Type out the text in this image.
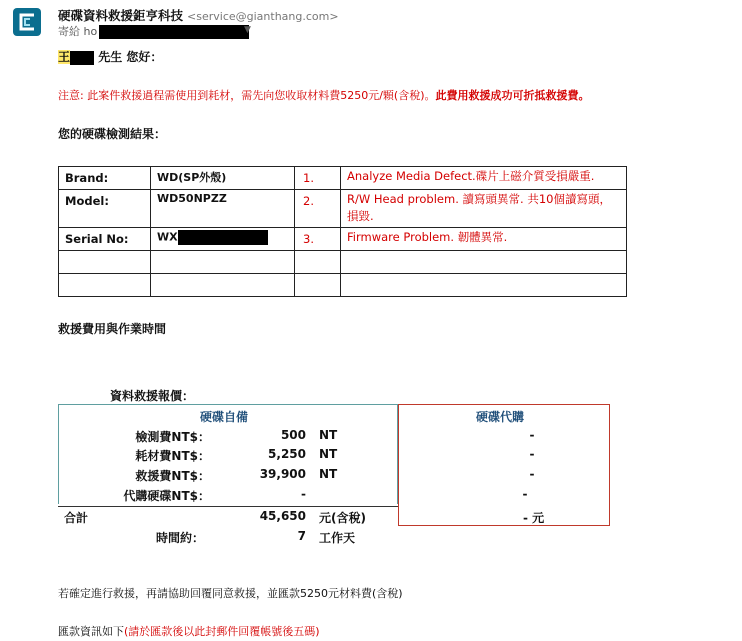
硬碟資料救援鉅亨科技 <service@gianthang.com>
寄給 ho	▼
王 先生 您好：
注意: 此案件救援過程需使用到耗材，需先向您收取材料費5250元/顆(含稅)。此費用救援成功可折抵救援費。
您的硬碟檢測結果：
Brand:	WD(SP外殼)	1.	Analyze Media Defect.碟片上磁介質受損嚴重.
Model:	WD50NPZZ	2.	R/W Head problem. 讀寫頭異常. 共10個讀寫頭，損毀.
Serial No:	WX	3.	Firmware Problem. 韌體異常.

救援費用與作業時間
資料救援報價：
硬碟自備	硬碟代購
檢測費NT$：	500 NT	-
耗材費NT$：	5,250 NT	-
救援費NT$：	39,900 NT	-
代購硬碟NT$：	-	-
合計	45,650 元(含稅)	- 元
時間約：	7 工作天
若確定進行救援，再請協助回覆同意救援，並匯款5250元材料費(含稅)
匯款資訊如下(請於匯款後以此封郵件回覆帳號後五碼)
